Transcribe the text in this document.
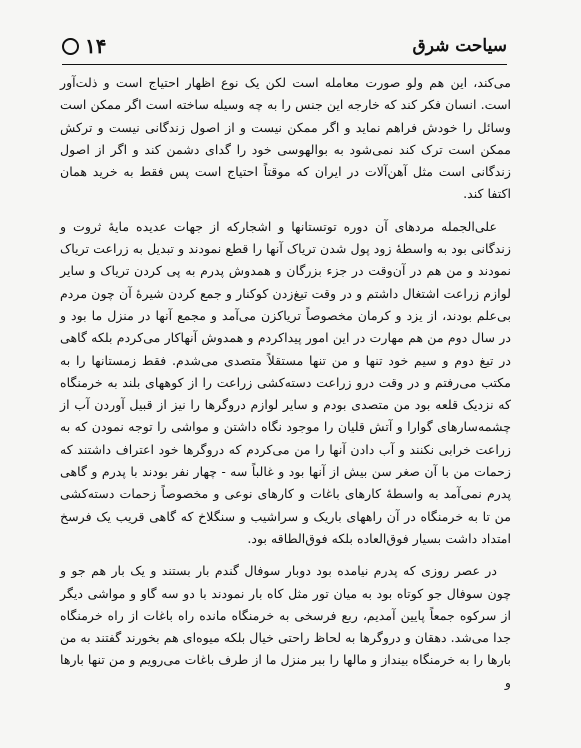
۱۴	سیاحت شرق

می‌کند، این هم ولو صورت معامله است لکن یک نوع اظهار احتیاج است و ذلت‌آور است. انسان فکر کند که خارجه این جنس را به چه وسیله ساخته است اگر ممکن است وسائل را خودش فراهم نماید و اگر ممکن نیست و از اصول زندگانی نیست و ترکش ممکن است ترک کند نمی‌شود به بوالهوسی خود را گدای دشمن کند و اگر از اصول زندگانی است مثل آهن‌آلات در ایران که موقتاً احتیاج است پس فقط به خرید همان اکتفا کند.

علی‌الجمله مردهای آن دوره توتستانها و اشجارکه از جهات عدیده مایهٔ ثروت و زندگانی بود به واسطهٔ زود پول شدن تریاک آنها را قطع نمودند و تبدیل به زراعت تریاک نمودند و من هم در آن‌وقت در جزء بزرگان و همدوش پدرم به پی کردن تریاک و سایر لوازم زراعت اشتغال داشتم و در وقت تیغ‌زدن کوکنار و جمع کردن شیرهٔ آن چون مردم بی‌علم بودند، از یزد و کرمان مخصوصاً تریاکزن می‌آمد و مجمع آنها در منزل ما بود و در سال دوم من هم مهارت در این امور پیداکردم و همدوش آنهاکار می‌کردم بلکه گاهی در تیغ دوم و سیم خود تنها و من تنها مستقلاً متصدی می‌شدم. فقط زمستانها را به مکتب می‌رفتم و در وقت درو زراعت دسته‌کشی زراعت را از کوههای بلند به خرمنگاه که نزدیک قلعه بود من متصدی بودم و سایر لوازم دروگرها را نیز از قبیل آوردن آب از چشمه‌سارهای گوارا و آتش قلیان را موجود نگاه داشتن و مواشی را توجه نمودن که به زراعت خرابی نکنند و آب دادن آنها را من می‌کردم که دروگرها خود اعتراف داشتند که زحمات من با آن صغر سن بیش از آنها بود و غالباً سه - چهار نفر بودند با پدرم و گاهی پدرم نمی‌آمد به واسطهٔ کارهای باغات و کارهای نوعی و مخصوصاً زحمات دسته‌کشی من تا به خرمنگاه در آن راههای باریک و سراشیب و سنگلاخ که گاهی قریب یک فرسخ امتداد داشت بسیار فوق‌العاده بلکه فوق‌الطاقه بود.

در عصر روزی که پدرم نیامده بود دوبار سوفال گندم بار بستند و یک بار هم جو و چون سوفال جو کوتاه بود به میان تور مثل کاه بار نمودند با دو سه گاو و مواشی دیگر از سرکوه جمعاً پایین آمدیم، ربع فرسخی به خرمنگاه مانده راه باغات از راه خرمنگاه جدا می‌شد. دهقان و دروگرها به لحاظ راحتی خیال بلکه میوه‌ای هم بخورند گفتند به من بارها را به خرمنگاه بینداز و مالها را ببر منزل ما از طرف باغات می‌رویم و من تنها بارها و
